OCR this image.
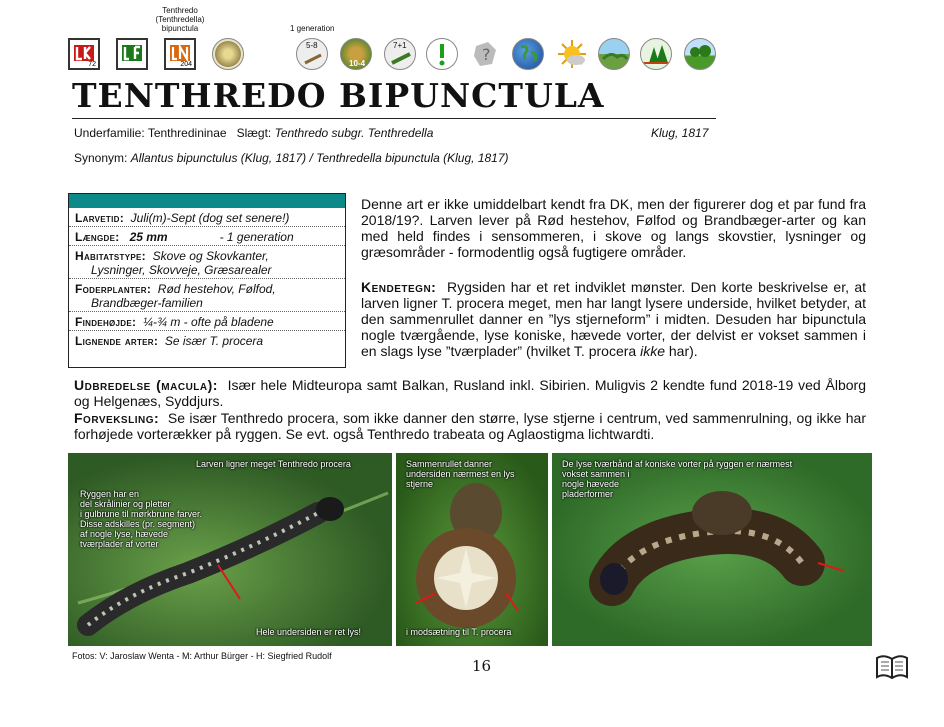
Tenthredo
(Tenthredella)
bipunctula	1 generation
72	204
5-8
10-4
7+1	?
TENTHREDO BIPUNCTULA
Underfamilie: Tenthredininae Slægt: Tenthredo subgr. Tenthredella	Klug, 1817
Synonym: Allantus bipunctulus (Klug, 1817) / Tenthredella bipunctula (Klug, 1817)
Larvetid: Juli(m)-Sept (dog set senere!)
Længde: 25 mm	- 1 generation
Habitatstype: Skove og Skovkanter,
Lysninger, Skovveje, Græsarealer
Foderplanter: Rød hestehov, Følfod,
Brandbæger-familien
Findehøjde: ¼-¾ m - ofte på bladene
Lignende arter: Se især T. procera
Denne art er ikke umiddelbart kendt fra DK, men der figurerer dog et par fund fra 2018/19?. Larven lever på Rød hestehov, Følfod og Brandbæger-arter og kan med held findes i sensommeren, i skove og langs skovstier, lysninger og græsområder - formodentlig også fugtigere områder.
Kendetegn: Rygsiden har et ret indviklet mønster. Den korte beskrivelse er, at larven ligner T. procera meget, men har langt lysere underside, hvilket betyder, at den sammenrullet danner en ”lys stjerneform” i midten. Desuden har bipunctula nogle tværgående, lyse koniske, hævede vorter, der delvist er vokset sammen i en slags lyse ”tværplader” (hvilket T. procera ikke har).
Udbredelse (macula): Især hele Midteuropa samt Balkan, Rusland inkl. Sibirien. Muligvis 2 kendte fund 2018-19 ved Ålborg og Helgenæs, Syddjurs.
Forveksling: Se især Tenthredo procera, som ikke danner den større, lyse stjerne i centrum, ved sammenrulning, og ikke har forhøjede vorterækker på ryggen. Se evt. også Tenthredo trabeata og Aglaostigma lichtwardti.
Larven ligner meget Tenthredo procera
Ryggen har en
del skrålinier og pletter
i gulbrune til mørkbrune farver.
Disse adskilles (pr. segment)
af nogle lyse, hævede
tværplader af vorter
Hele undersiden er ret lys!
Sammenrullet danner
undersiden nærmest en lys
stjerne
i modsætning til T. procera
De lyse tværbånd af koniske vorter på ryggen er nærmest
vokset sammen i
nogle hævede
pladerformer
Fotos: V: Jaroslaw Wenta - M: Arthur Bürger - H: Siegfried Rudolf
16
